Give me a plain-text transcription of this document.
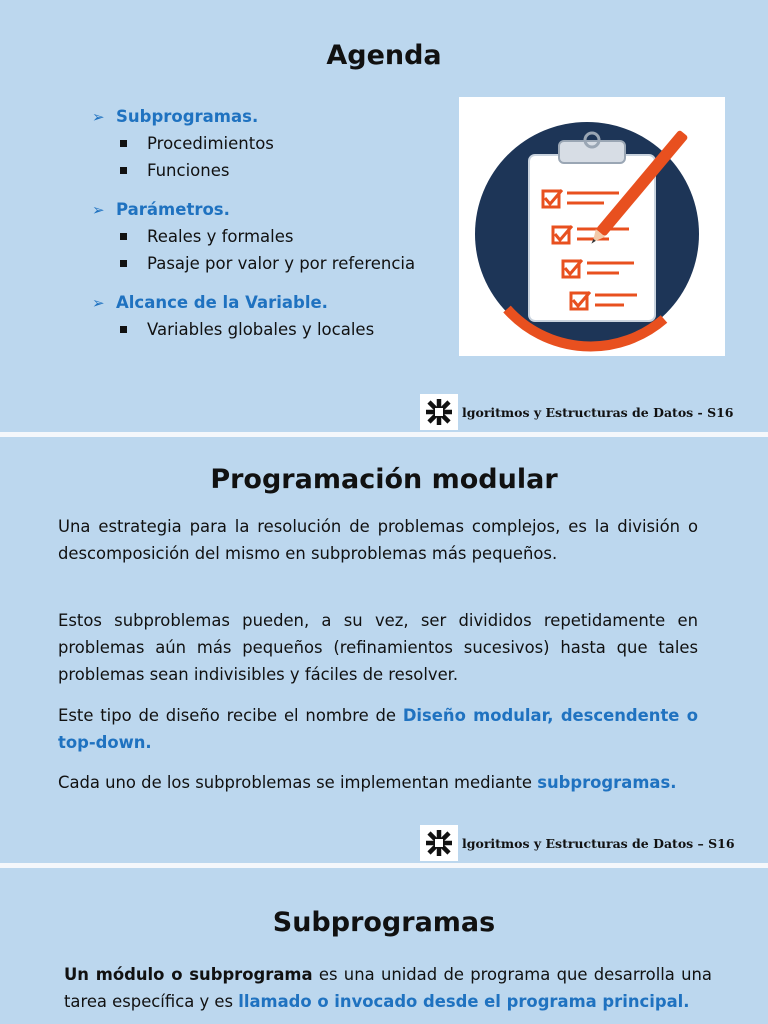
Agenda
➢ Subprogramas.
Procedimientos
Funciones
➢ Parámetros.
Reales y formales
Pasaje por valor y por referencia
➢ Alcance de la Variable.
Variables globales y locales
lgoritmos y Estructuras de Datos - S16
Programación modular
Una estrategia para la resolución de problemas complejos, es la división o descomposición del mismo en subproblemas más pequeños.
Estos subproblemas pueden, a su vez, ser divididos repetidamente en problemas aún más pequeños (refinamientos sucesivos) hasta que tales problemas sean indivisibles y fáciles de resolver.
Este tipo de diseño recibe el nombre de Diseño modular, descendente o top-down.
Cada uno de los subproblemas se implementan mediante subprogramas.
lgoritmos y Estructuras de Datos – S16
Subprogramas
Un módulo o subprograma es una unidad de programa que desarrolla una tarea específica y es llamado o invocado desde el programa principal.
